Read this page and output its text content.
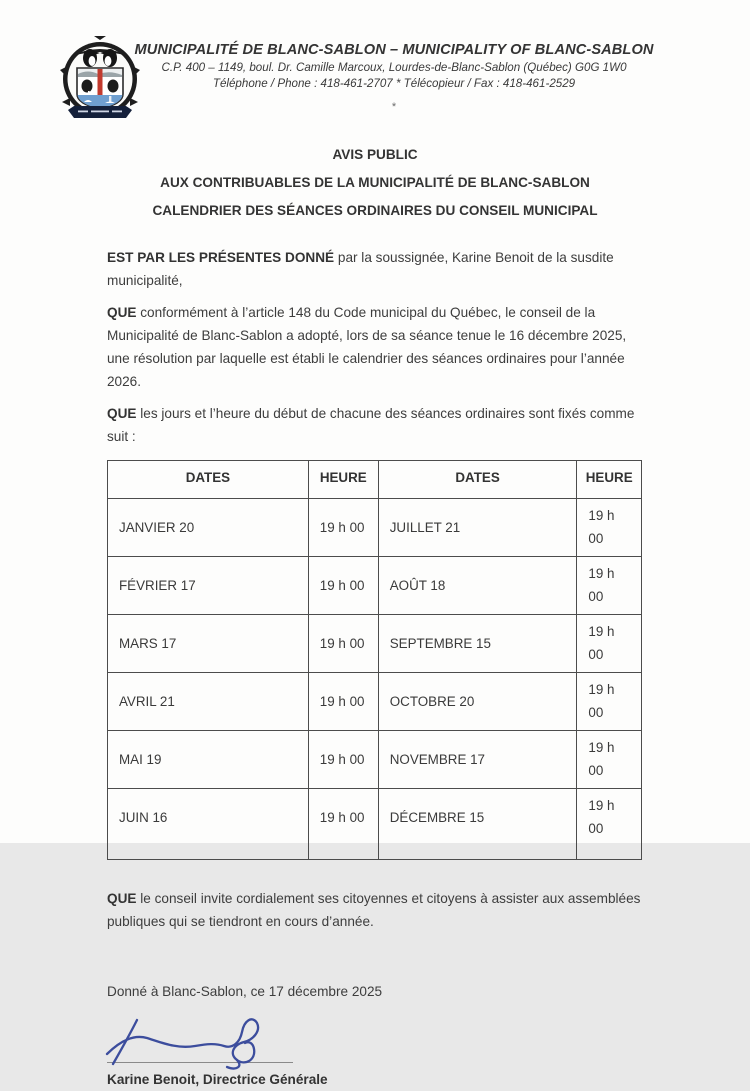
MUNICIPALITÉ DE BLANC-SABLON – MUNICIPALITY OF BLANC-SABLON
C.P. 400 – 1149, boul. Dr. Camille Marcoux, Lourdes-de-Blanc-Sablon (Québec) G0G 1W0
Téléphone / Phone : 418-461-2707 * Télécopieur / Fax : 418-461-2529
*
AVIS PUBLIC
AUX CONTRIBUABLES DE LA MUNICIPALITÉ DE BLANC-SABLON
CALENDRIER DES SÉANCES ORDINAIRES DU CONSEIL MUNICIPAL

EST PAR LES PRÉSENTES DONNÉ par la soussignée, Karine Benoit de la susdite municipalité,

QUE conformément à l’article 148 du Code municipal du Québec, le conseil de la Municipalité de Blanc-Sablon a adopté, lors de sa séance tenue le 16 décembre 2025, une résolution par laquelle est établi le calendrier des séances ordinaires pour l’année 2026.

QUE les jours et l’heure du début de chacune des séances ordinaires sont fixés comme suit :

DATES	HEURE	DATES	HEURE
JANVIER 20	19 h 00	JUILLET 21	19 h 00
FÉVRIER 17	19 h 00	AOÛT 18	19 h 00
MARS 17	19 h 00	SEPTEMBRE 15	19 h 00
AVRIL 21	19 h 00	OCTOBRE 20	19 h 00
MAI 19	19 h 00	NOVEMBRE 17	19 h 00
JUIN 16	19 h 00	DÉCEMBRE 15	19 h 00

QUE le conseil invite cordialement ses citoyennes et citoyens à assister aux assemblées publiques qui se tiendront en cours d’année.

Donné à Blanc-Sablon, ce 17 décembre 2025

Karine Benoit, Directrice Générale
